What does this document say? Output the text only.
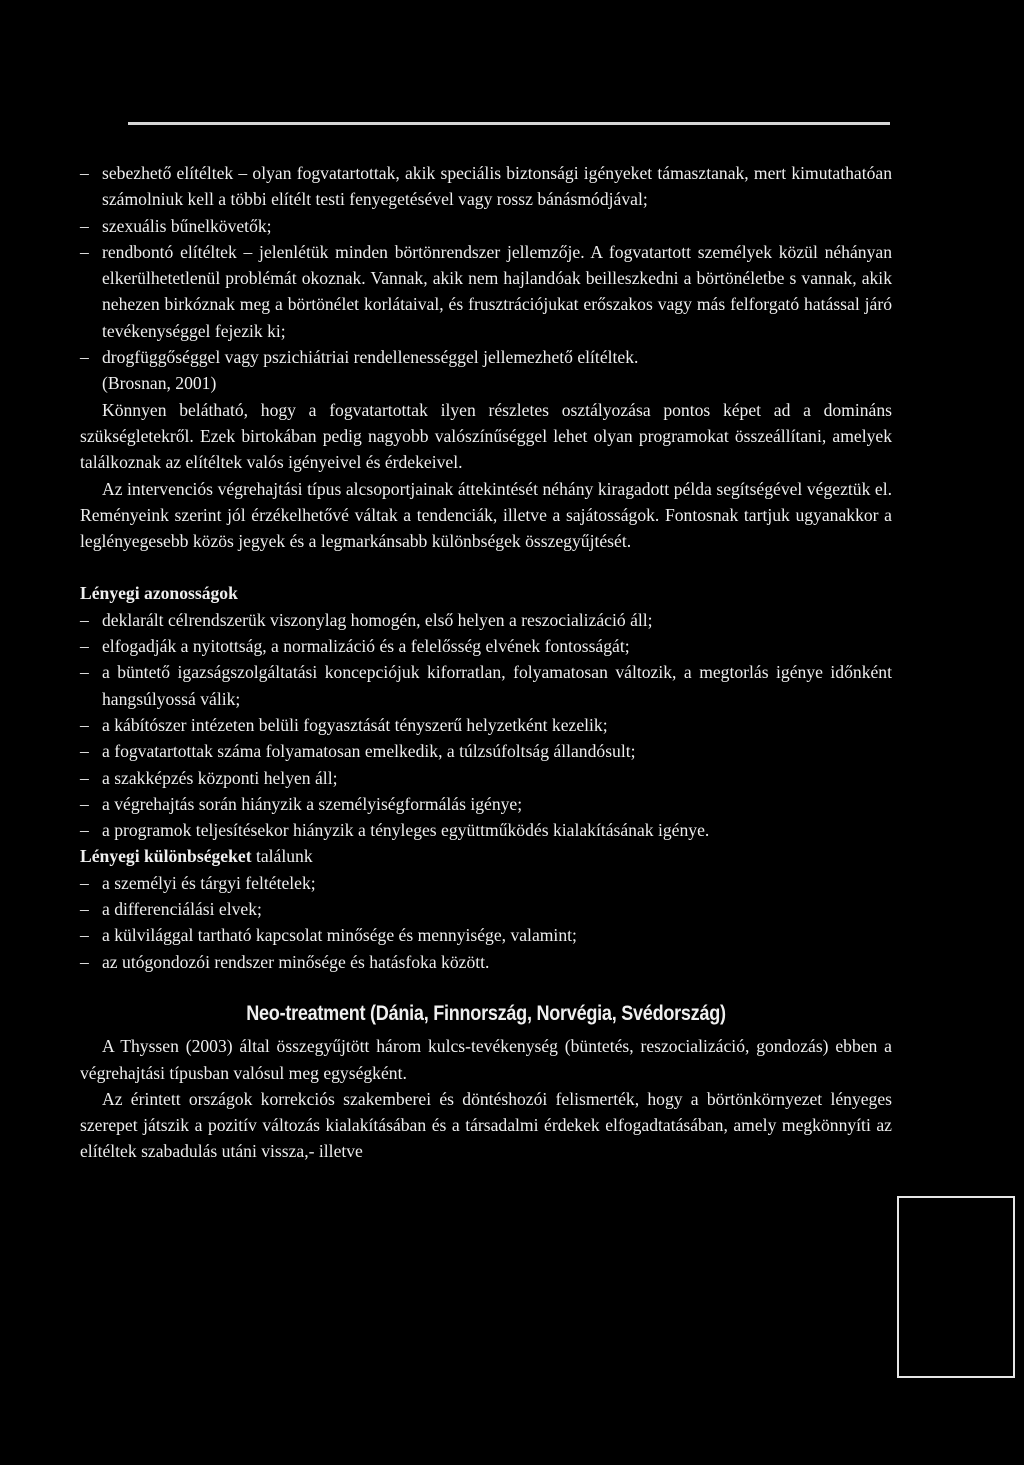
– sebezhető elítéltek – olyan fogvatartottak, akik speciális biztonsági igényeket támasztanak, mert kimutathatóan számolniuk kell a többi elítélt testi fenyegetésével vagy rossz bánásmódjával;
– szexuális bűnelkövetők;
– rendbontó elítéltek – jelenlétük minden börtönrendszer jellemzője. A fogvatartott személyek közül néhányan elkerülhetetlenül problémát okoznak. Vannak, akik nem hajlandóak beilleszkedni a börtönéletbe s vannak, akik nehezen birkóznak meg a börtönélet korlátaival, és frusztrációjukat erőszakos vagy más felforgató hatással járó tevékenységgel fejezik ki;
– drogfüggőséggel vagy pszichiátriai rendellenességgel jellemezhető elítéltek.

(Brosnan, 2001)

Könnyen belátható, hogy a fogvatartottak ilyen részletes osztályozása pontos képet ad a domináns szükségletekről. Ezek birtokában pedig nagyobb valószínűséggel lehet olyan programokat összeállítani, amelyek találkoznak az elítéltek valós igényeivel és érdekeivel.

Az intervenciós végrehajtási típus alcsoportjainak áttekintését néhány kiragadott példa segítségével végeztük el. Reményeink szerint jól érzékelhetővé váltak a tendenciák, illetve a sajátosságok. Fontosnak tartjuk ugyanakkor a leglényegesebb közös jegyek és a legmarkánsabb különbségek összegyűjtését.

Lényegi azonosságok

– deklarált célrendszerük viszonylag homogén, első helyen a reszocializáció áll;
– elfogadják a nyitottság, a normalizáció és a felelősség elvének fontosságát;
– a büntető igazságszolgáltatási koncepciójuk kiforratlan, folyamatosan változik, a megtorlás igénye időnként hangsúlyossá válik;
– a kábítószer intézeten belüli fogyasztását tényszerű helyzetként kezelik;
– a fogvatartottak száma folyamatosan emelkedik, a túlzsúfoltság állandósult;
– a szakképzés központi helyen áll;
– a végrehajtás során hiányzik a személyiségformálás igénye;
– a programok teljesítésekor hiányzik a tényleges együttműködés kialakításának igénye.

Lényegi különbségeket találunk

– a személyi és tárgyi feltételek;
– a differenciálási elvek;
– a külvilággal tartható kapcsolat minősége és mennyisége, valamint;
– az utógondozói rendszer minősége és hatásfoka között.
Neo-treatment (Dánia, Finnország, Norvégia, Svédország)

A Thyssen (2003) által összegyűjtött három kulcs-tevékenység (büntetés, reszocializáció, gondozás) ebben a végrehajtási típusban valósul meg egységként.

Az érintett országok korrekciós szakemberei és döntéshozói felismerték, hogy a börtönkörnyezet lényeges szerepet játszik a pozitív változás kialakításában és a társadalmi érdekek elfogadtatásában, amely megkönnyíti az elítéltek szabadulás utáni vissza,- illetve
